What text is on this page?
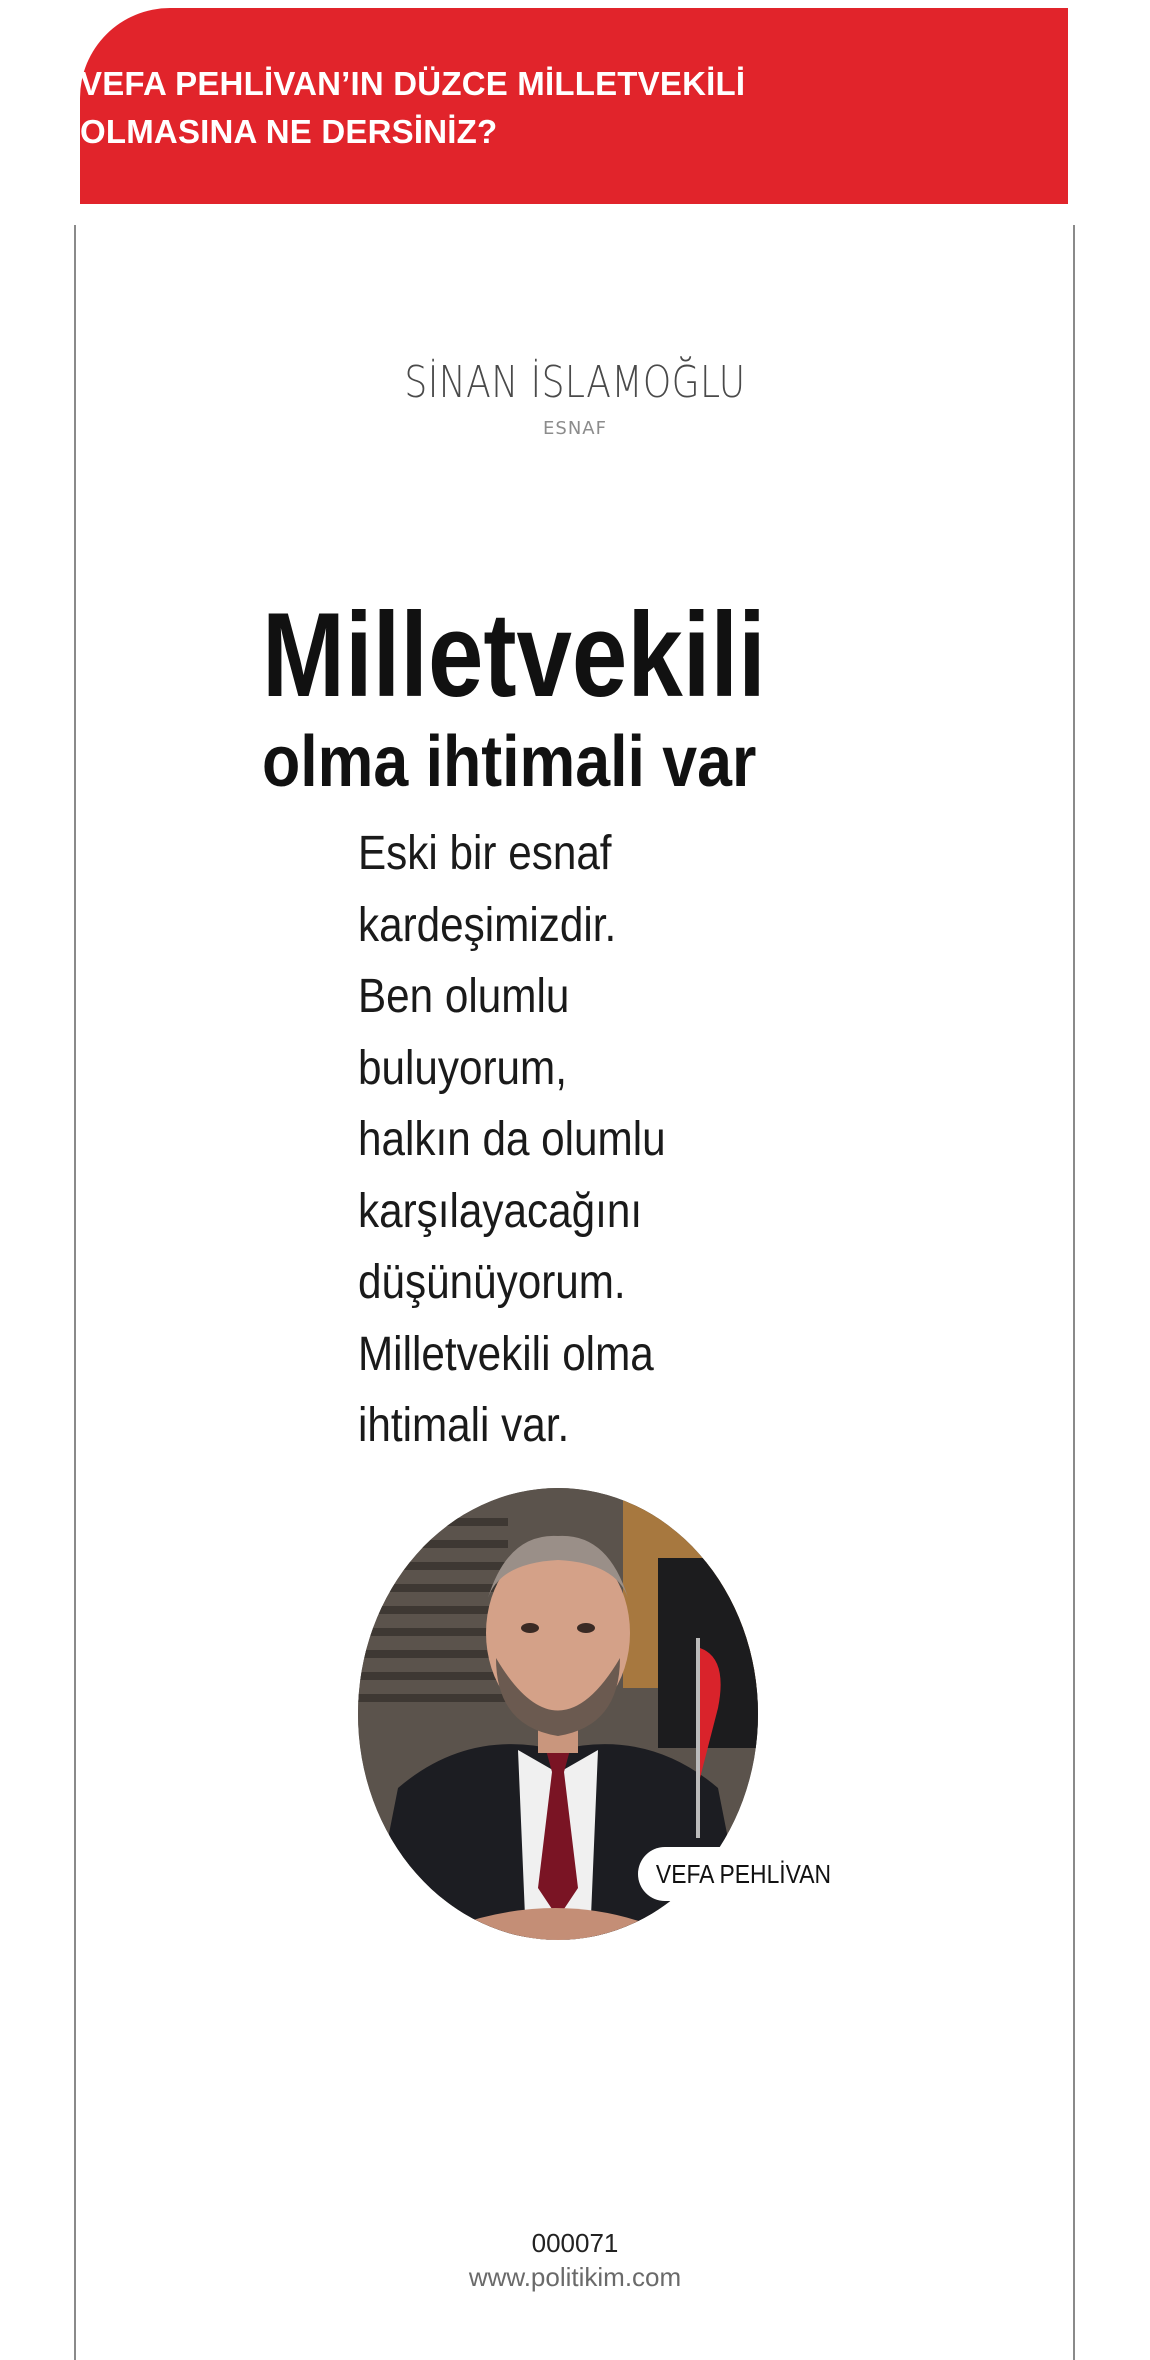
VEFA PEHLİVAN’IN DÜZCE MİLLETVEKİLİ OLMASINA NE DERSİNİZ?

SİNAN İSLAMOĞLU
ESNAF
Milletvekili
olma ihtimali var
Eski bir esnaf
kardeşimizdir.
Ben olumlu
buluyorum,
halkın da olumlu
karşılayacağını
düşünüyorum.
Milletvekili olma
ihtimali var.
VEFA PEHLİVAN
000071
www.politikim.com
